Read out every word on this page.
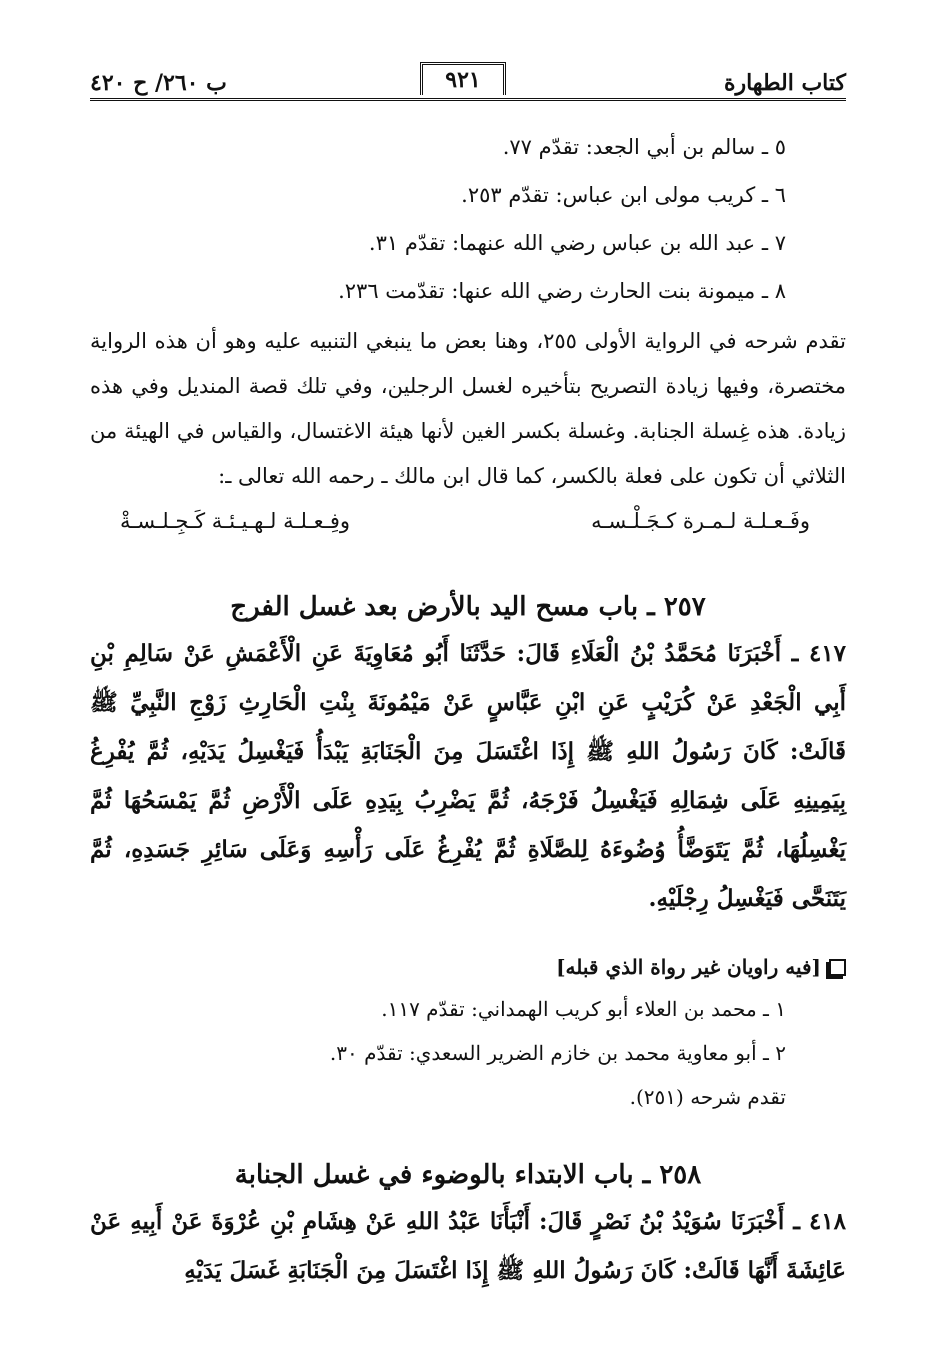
كتاب الطهارة
٩٢١
ب ٢٦٠/ ح ٤٢٠
٥ ـ سالم بن أبي الجعد: تقدّم ٧٧.
٦ ـ كريب مولى ابن عباس: تقدّم ٢٥٣.
٧ ـ عبد الله بن عباس رضي الله عنهما: تقدّم ٣١.
٨ ـ ميمونة بنت الحارث رضي الله عنها: تقدّمت ٢٣٦.
تقدم شرحه في الرواية الأولى ٢٥٥، وهنا بعض ما ينبغي التنبيه عليه وهو أن هذه الرواية مختصرة، وفيها زيادة التصريح بتأخيره لغسل الرجلين، وفي تلك قصة المنديل وفي هذه زيادة. هذه غِسلة الجنابة. وغسلة بكسر الغين لأنها هيئة الاغتسال، والقياس في الهيئة من الثلاثي أن تكون على فعلة بالكسر، كما قال ابن مالك ـ رحمه الله تعالى ـ:
وفَـعـلـة لـمـرة كـجَـلْـسـه
وفِـعـلـة لـهـيـئـة كَـجِـلـسـةْ
٢٥٧ ـ باب مسح اليد بالأرض بعد غسل الفرج
٤١٧ ـ أَخْبَرَنَا مُحَمَّدُ بْنُ الْعَلَاءِ قَالَ: حَدَّثَنَا أَبُو مُعَاوِيَةَ عَنِ الْأَعْمَشِ عَنْ سَالِمِ بْنِ أَبِي الْجَعْدِ عَنْ كُرَيْبٍ عَنِ ابْنِ عَبَّاسٍ عَنْ مَيْمُونَةَ بِنْتِ الْحَارِثِ زَوْجِ النَّبِيِّ ﷺ قَالَتْ: كَانَ رَسُولُ اللهِ ﷺ إِذَا اغْتَسَلَ مِنَ الْجَنَابَةِ يَبْدَأُ فَيَغْسِلُ يَدَيْهِ، ثُمَّ يُفْرِغُ بِيَمِينِهِ عَلَى شِمَالِهِ فَيَغْسِلُ فَرْجَهُ، ثُمَّ يَضْرِبُ بِيَدِهِ عَلَى الْأَرْضِ ثُمَّ يَمْسَحُهَا ثُمَّ يَغْسِلُهَا، ثُمَّ يَتَوَضَّأُ وُضُوءَهُ لِلصَّلَاةِ ثُمَّ يُفْرِغُ عَلَى رَأْسِهِ وَعَلَى سَائِرِ جَسَدِهِ، ثُمَّ يَتَنَحَّى فَيَغْسِلُ رِجْلَيْهِ.
[فيه راويان غير رواة الذي قبله]
١ ـ محمد بن العلاء أبو كريب الهمداني: تقدّم ١١٧.
٢ ـ أبو معاوية محمد بن خازم الضرير السعدي: تقدّم ٣٠.
تقدم شرحه (٢٥١).
٢٥٨ ـ باب الابتداء بالوضوء في غسل الجنابة
٤١٨ ـ أَخْبَرَنَا سُوَيْدُ بْنُ نَصْرٍ قَالَ: أَنْبَأَنَا عَبْدُ اللهِ عَنْ هِشَامِ بْنِ عُرْوَةَ عَنْ أَبِيهِ عَنْ عَائِشَةَ أَنَّهَا قَالَتْ: كَانَ رَسُولُ اللهِ ﷺ إِذَا اغْتَسَلَ مِنَ الْجَنَابَةِ غَسَلَ يَدَيْهِ
